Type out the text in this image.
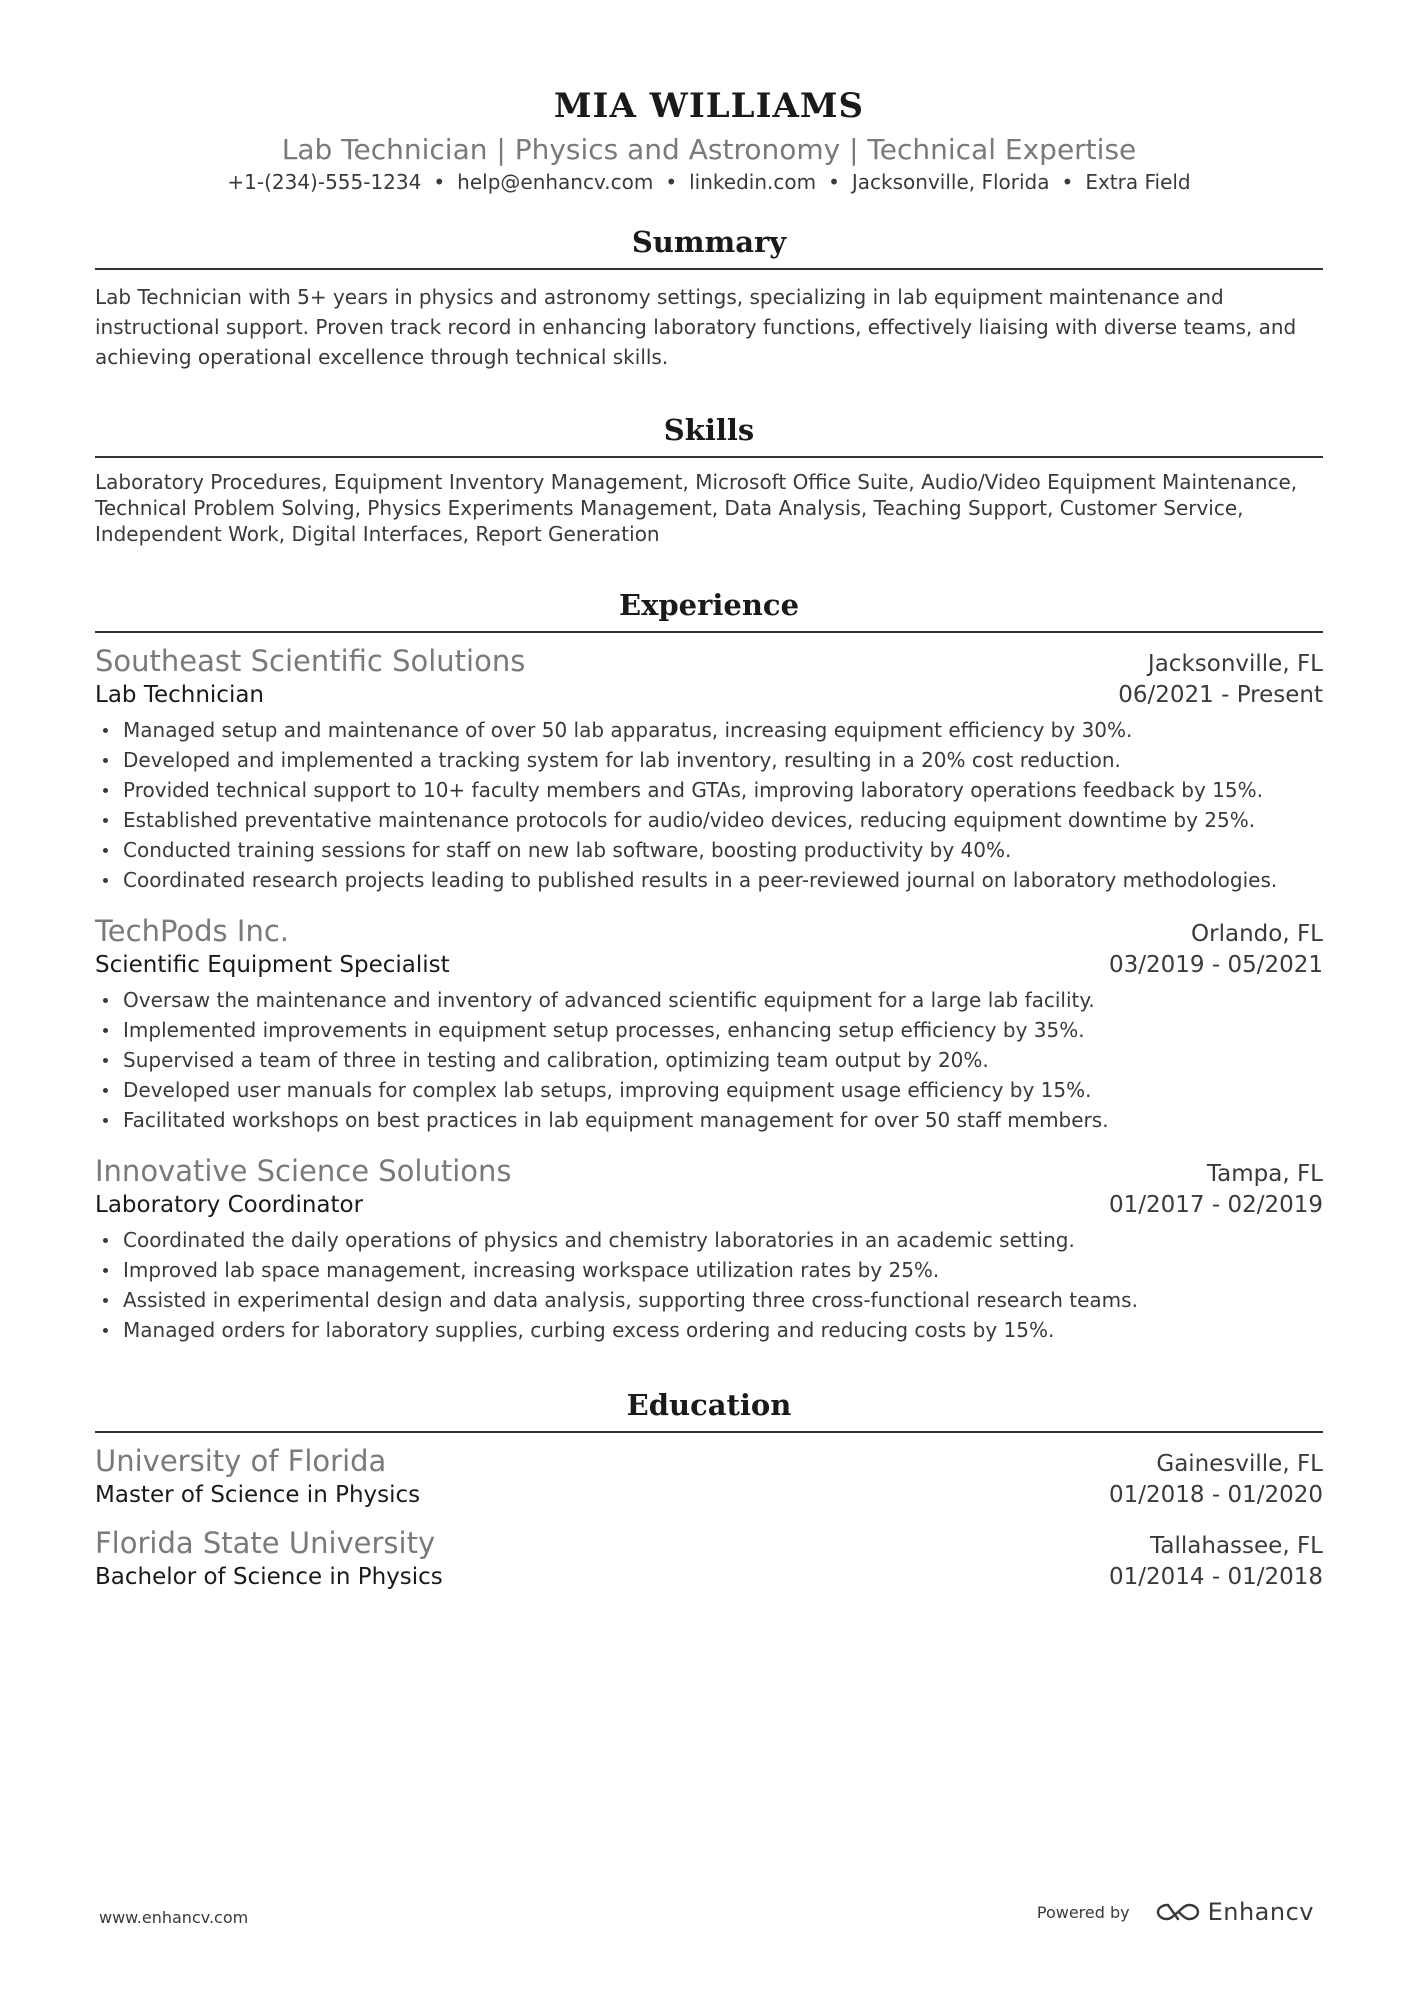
MIA WILLIAMS
Lab Technician | Physics and Astronomy | Technical Expertise
+1-(234)-555-1234 • help@enhancv.com • linkedin.com • Jacksonville, Florida • Extra Field
Summary
Lab Technician with 5+ years in physics and astronomy settings, specializing in lab equipment maintenance and instructional support. Proven track record in enhancing laboratory functions, effectively liaising with diverse teams, and achieving operational excellence through technical skills.
Skills
Laboratory Procedures, Equipment Inventory Management, Microsoft Office Suite, Audio/Video Equipment Maintenance, Technical Problem Solving, Physics Experiments Management, Data Analysis, Teaching Support, Customer Service, Independent Work, Digital Interfaces, Report Generation
Experience
Southeast Scientific Solutions	Jacksonville, FL
Lab Technician	06/2021 - Present
Managed setup and maintenance of over 50 lab apparatus, increasing equipment efficiency by 30%.
Developed and implemented a tracking system for lab inventory, resulting in a 20% cost reduction.
Provided technical support to 10+ faculty members and GTAs, improving laboratory operations feedback by 15%.
Established preventative maintenance protocols for audio/video devices, reducing equipment downtime by 25%.
Conducted training sessions for staff on new lab software, boosting productivity by 40%.
Coordinated research projects leading to published results in a peer-reviewed journal on laboratory methodologies.
TechPods Inc.	Orlando, FL
Scientific Equipment Specialist	03/2019 - 05/2021
Oversaw the maintenance and inventory of advanced scientific equipment for a large lab facility.
Implemented improvements in equipment setup processes, enhancing setup efficiency by 35%.
Supervised a team of three in testing and calibration, optimizing team output by 20%.
Developed user manuals for complex lab setups, improving equipment usage efficiency by 15%.
Facilitated workshops on best practices in lab equipment management for over 50 staff members.
Innovative Science Solutions	Tampa, FL
Laboratory Coordinator	01/2017 - 02/2019
Coordinated the daily operations of physics and chemistry laboratories in an academic setting.
Improved lab space management, increasing workspace utilization rates by 25%.
Assisted in experimental design and data analysis, supporting three cross-functional research teams.
Managed orders for laboratory supplies, curbing excess ordering and reducing costs by 15%.
Education
University of Florida	Gainesville, FL
Master of Science in Physics	01/2018 - 01/2020
Florida State University	Tallahassee, FL
Bachelor of Science in Physics	01/2014 - 01/2018
www.enhancv.com	Powered by	Enhancv
